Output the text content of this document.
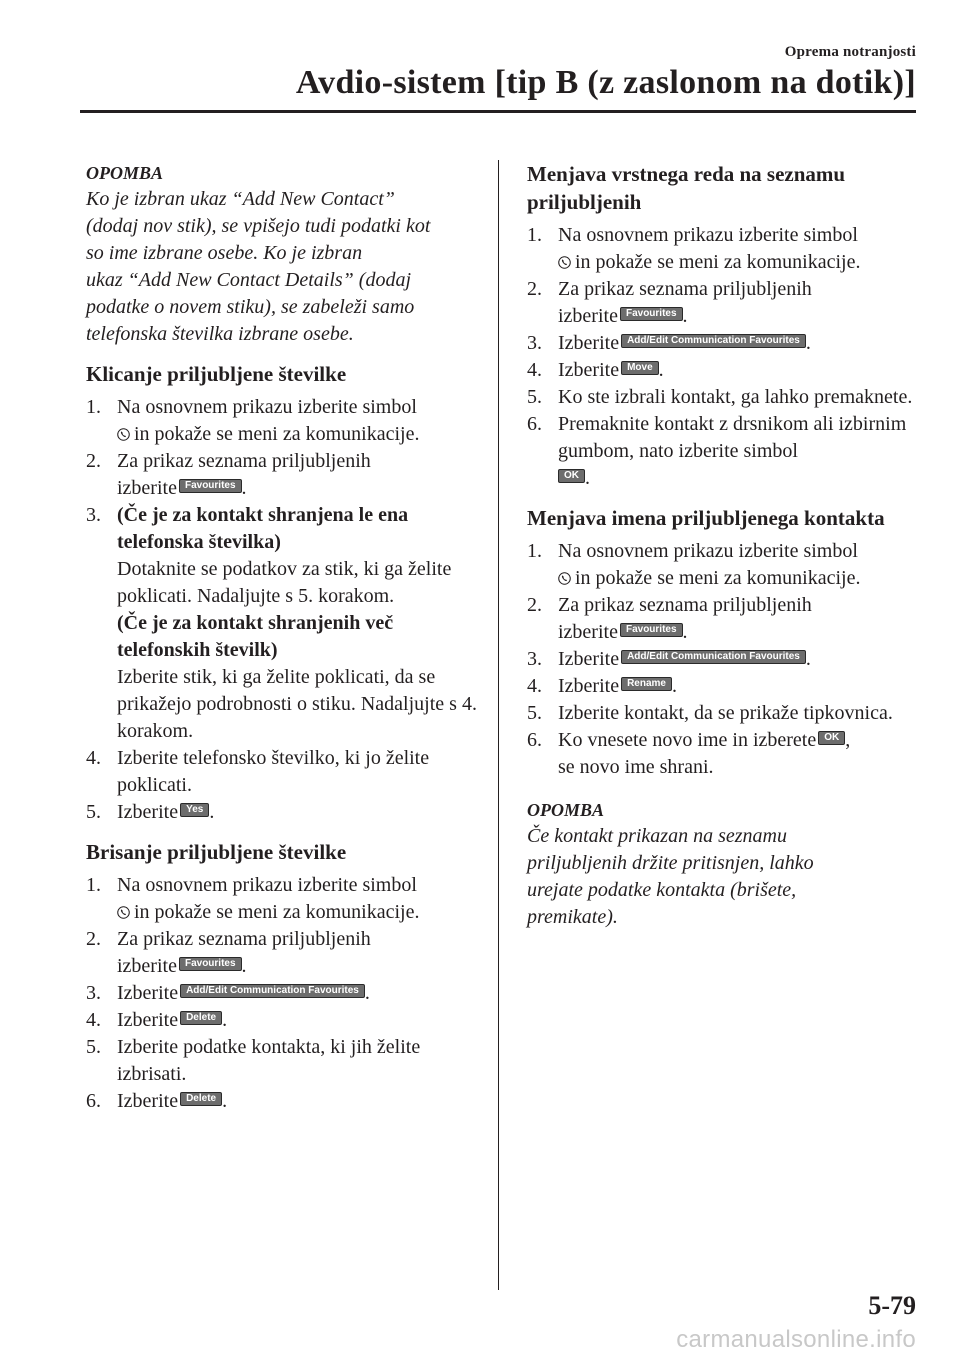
Oprema notranjosti
Avdio-sistem [tip B (z zaslonom na dotik)]
OPOMBA
Ko je izbran ukaz “Add New Contact”
(dodaj nov stik), se vpišejo tudi podatki kot
so ime izbrane osebe. Ko je izbran
ukaz “Add New Contact Details” (dodaj
podatke o novem stiku), se zabeleži samo
telefonska številka izbrane osebe.
Klicanje priljubljene številke
1. Na osnovnem prikazu izberite simbol
in pokaže se meni za komunikacije.
2. Za prikaz seznama priljubljenih
izberite Favourites .
3. (Če je za kontakt shranjena le ena telefonska številka)
Dotaknite se podatkov za stik, ki ga želite poklicati. Nadaljujte s 5. korakom.
(Če je za kontakt shranjenih več telefonskih številk)
Izberite stik, ki ga želite poklicati, da se prikažejo podrobnosti o stiku. Nadaljujte s 4. korakom.
4. Izberite telefonsko številko, ki jo želite poklicati.
5. Izberite Yes .
Brisanje priljubljene številke
1. Na osnovnem prikazu izberite simbol
in pokaže se meni za komunikacije.
2. Za prikaz seznama priljubljenih
izberite Favourites .
3. Izberite Add/Edit Communication Favourites .
4. Izberite Delete .
5. Izberite podatke kontakta, ki jih želite izbrisati.
6. Izberite Delete .
Menjava vrstnega reda na seznamu priljubljenih
1. Na osnovnem prikazu izberite simbol
in pokaže se meni za komunikacije.
2. Za prikaz seznama priljubljenih
izberite Favourites .
3. Izberite Add/Edit Communication Favourites .
4. Izberite Move .
5. Ko ste izbrali kontakt, ga lahko premaknete.
6. Premaknite kontakt z drsnikom ali izbirnim gumbom, nato izberite simbol
OK .
Menjava imena priljubljenega kontakta
1. Na osnovnem prikazu izberite simbol
in pokaže se meni za komunikacije.
2. Za prikaz seznama priljubljenih
izberite Favourites .
3. Izberite Add/Edit Communication Favourites .
4. Izberite Rename .
5. Izberite kontakt, da se prikaže tipkovnica.
6. Ko vnesete novo ime in izberete OK ,
se novo ime shrani.
OPOMBA
Če kontakt prikazan na seznamu
priljubljenih držite pritisnjen, lahko
urejate podatke kontakta (brišete,
premikate).
5-79
carmanualsonline.info
